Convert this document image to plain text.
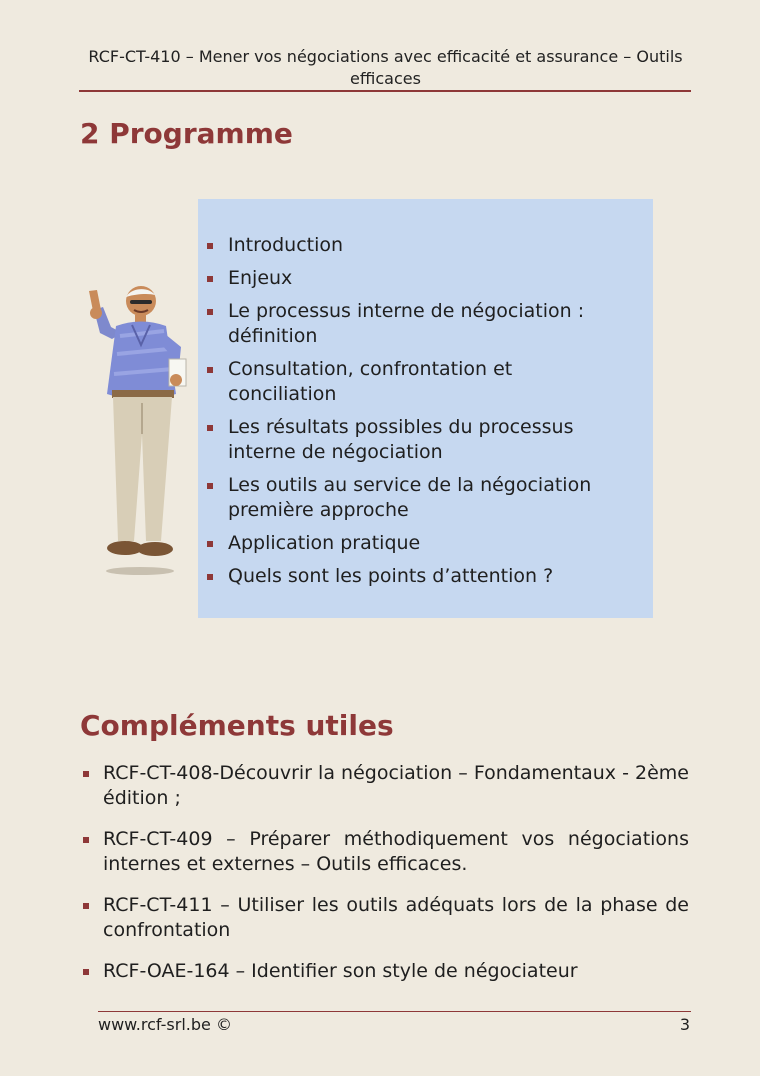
RCF-CT-410 – Mener vos négociations avec efficacité et assurance – Outils efficaces
2 Programme
Introduction
Enjeux
Le processus interne de négociation : définition
Consultation, confrontation et conciliation
Les résultats possibles du processus interne de négociation
Les outils au service de la négociation première approche
Application pratique
Quels sont les points d’attention ?
Compléments utiles
RCF-CT-408-Découvrir la négociation – Fondamentaux - 2ème édition ;
RCF-CT-409 – Préparer méthodiquement vos négociations internes et externes – Outils efficaces.
RCF-CT-411 – Utiliser les outils adéquats lors de la phase de confrontation
RCF-OAE-164 – Identifier son style de négociateur
www.rcf-srl.be ©	3
